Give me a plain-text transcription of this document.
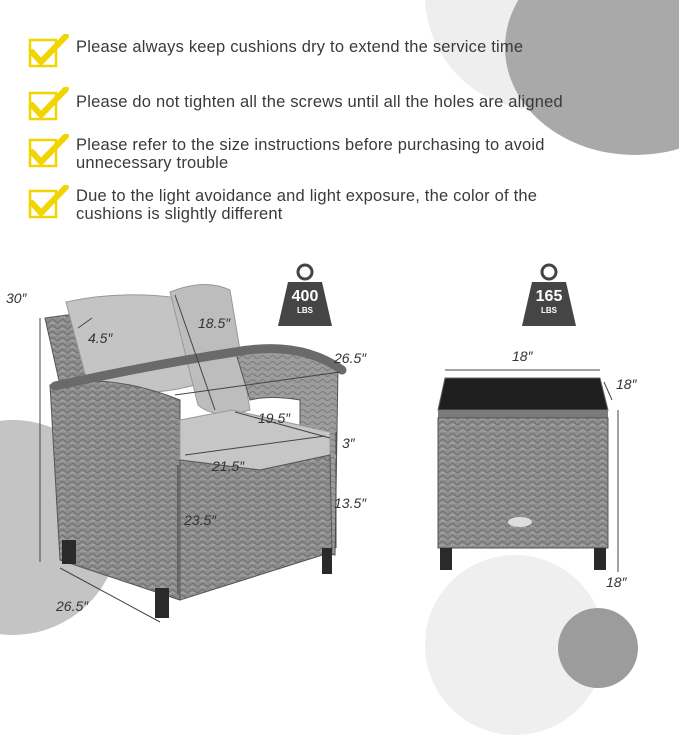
Please always keep cushions dry to extend the service time
Please do not tighten all the screws until all the holes are aligned
Please refer to the size instructions before purchasing to avoid unnecessary trouble
Due to the light avoidance and light exposure, the color of the cushions is slightly different
400
LBS
165
LBS
30″
4.5″
18.5″
26.5″
19.5″
3″
21.5″
13.5″
23.5″
26.5″
18″
18″
18″
